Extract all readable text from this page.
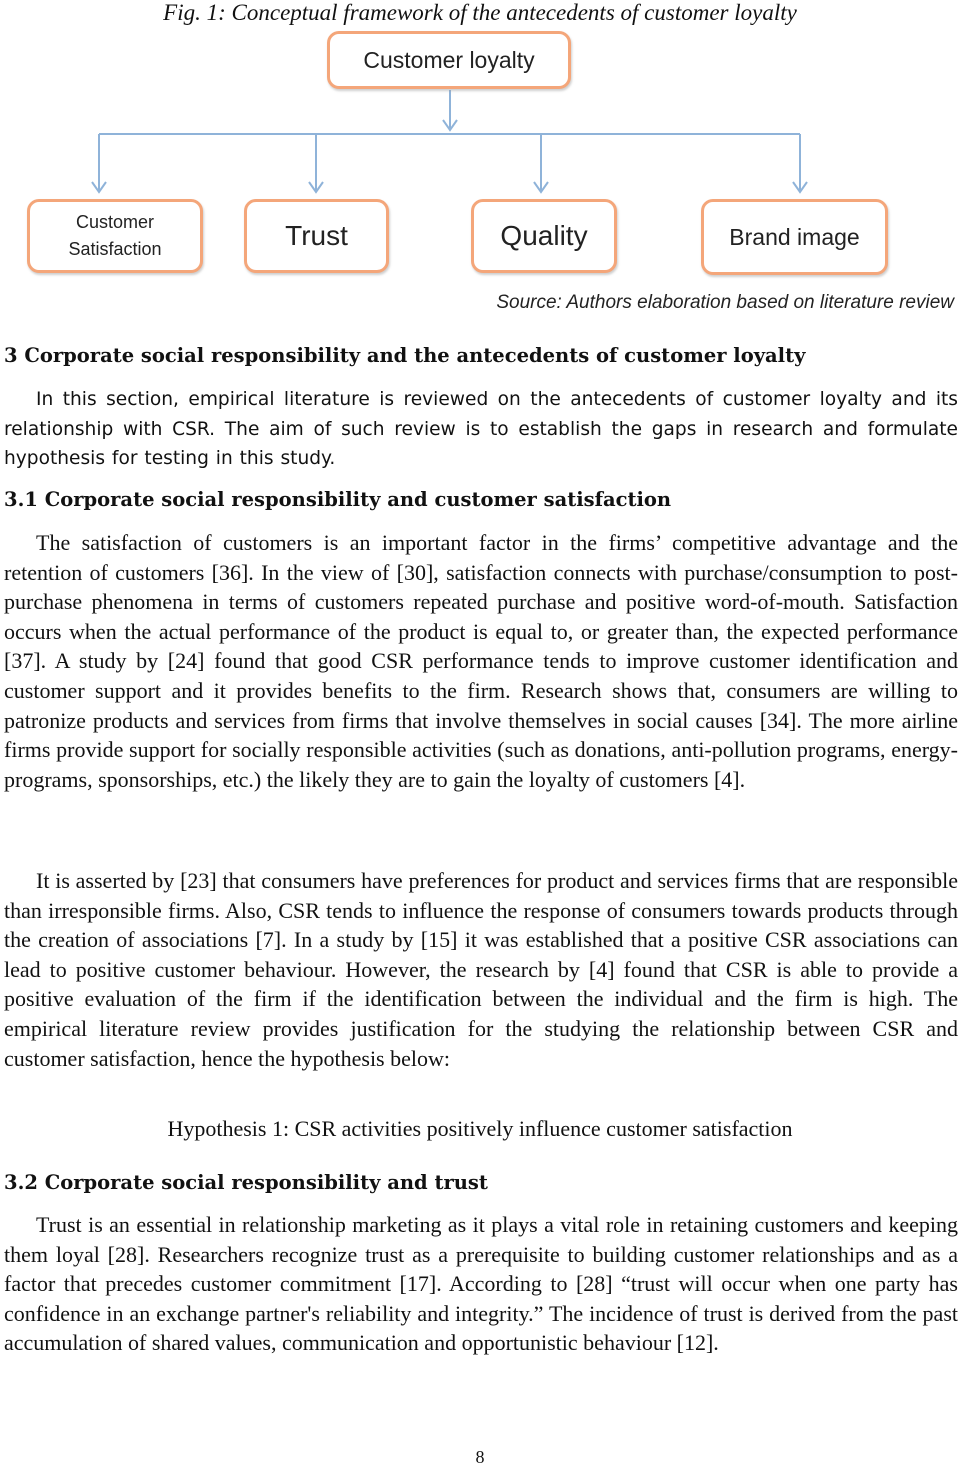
Fig. 1: Conceptual framework of the antecedents of customer loyalty
Customer loyalty
Customer
Satisfaction	Trust	Quality	Brand image
Source: Authors elaboration based on literature review
3 Corporate social responsibility and the antecedents of customer loyalty
In this section, empirical literature is reviewed on the antecedents of customer loyalty and its relationship with CSR. The aim of such review is to establish the gaps in research and formulate hypothesis for testing in this study.
3.1 Corporate social responsibility and customer satisfaction
The satisfaction of customers is an important factor in the firms’ competitive advantage and the retention of customers [36]. In the view of [30], satisfaction connects with purchase/consumption to post-purchase phenomena in terms of customers repeated purchase and positive word-of-mouth. Satisfaction occurs when the actual performance of the product is equal to, or greater than, the expected performance [37]. A study by [24] found that good CSR performance tends to improve customer identification and customer support and it provides benefits to the firm. Research shows that, consumers are willing to patronize products and services from firms that involve themselves in social causes [34]. The more airline firms provide support for socially responsible activities (such as donations, anti-pollution programs, energy-programs, sponsorships, etc.) the likely they are to gain the loyalty of customers [4].
It is asserted by [23] that consumers have preferences for product and services firms that are responsible than irresponsible firms. Also, CSR tends to influence the response of consumers towards products through the creation of associations [7]. In a study by [15] it was established that a positive CSR associations can lead to positive customer behaviour. However, the research by [4] found that CSR is able to provide a positive evaluation of the firm if the identification between the individual and the firm is high. The empirical literature review provides justification for the studying the relationship between CSR and customer satisfaction, hence the hypothesis below:
Hypothesis 1: CSR activities positively influence customer satisfaction
3.2 Corporate social responsibility and trust
Trust is an essential in relationship marketing as it plays a vital role in retaining customers and keeping them loyal [28]. Researchers recognize trust as a prerequisite to building customer relationships and as a factor that precedes customer commitment [17]. According to [28] “trust will occur when one party has confidence in an exchange partner's reliability and integrity.” The incidence of trust is derived from the past accumulation of shared values, communication and opportunistic behaviour [12].
8
